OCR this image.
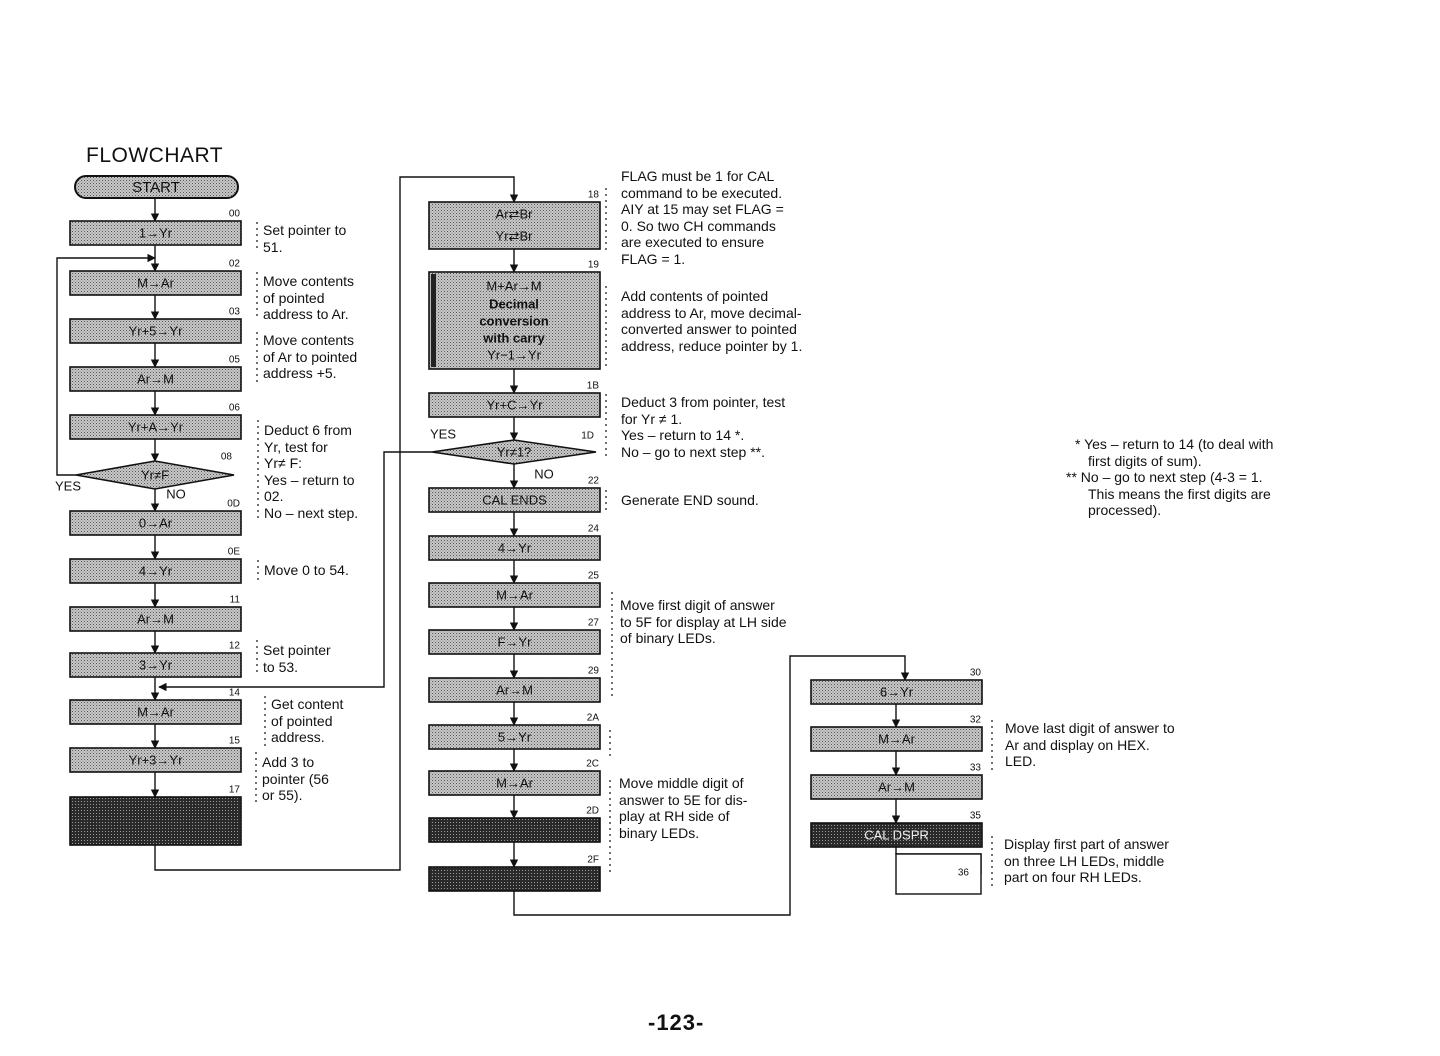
FLOWCHART
START
1→Yr
00
M→Ar
02
Yr+5→Yr
03
Ar→M
05
Yr+A→Yr
06
Yr≠F
08
0→Ar
0D
4→Yr
0E
Ar→M
11
3→Yr
12
M→Ar
14
Yr+3→Yr
15
17
YES
NO
18
Ar⇄Br
Yr⇄Br
19
M+Ar→M
Decimal
conversion
with carry
Yr−1→Yr
Yr+C→Yr
1B
Yr≠1?
1D
NO
YES
CAL ENDS
22
4→Yr
24
M→Ar
25
F→Yr
27
Ar→M
29
5→Yr
2A
M→Ar
2C
2D
2F
6→Yr
30
M→Ar
32
Ar→M
33
CAL DSPR
35
36
Set pointer to
51.
Move contents
of pointed
address to Ar.
Move contents
of Ar to pointed
address +5.
Deduct 6 from
Yr, test for
Yr≠ F:
Yes – return to
02.
No – next step.
Move 0 to 54.
Set pointer
to 53.
Get content
of pointed
address.
Add 3 to
pointer (56
or 55).
FLAG must be 1 for CAL
command to be executed.
AIY at 15 may set FLAG =
0. So two CH commands
are executed to ensure
FLAG = 1.
Add contents of pointed
address to Ar, move decimal-
converted answer to pointed
address, reduce pointer by 1.
Deduct 3 from pointer, test
for Yr ≠ 1.
Yes – return to 14 *.
No – go to next step **.
Generate END sound.
Move first digit of answer
to 5F for display at LH side
of binary LEDs.
Move middle digit of
answer to 5E for dis-
play at RH side of
binary LEDs.
Move last digit of answer to
Ar and display on HEX.
LED.
Display first part of answer
on three LH LEDs, middle
part on four RH LEDs.
* Yes – return to 14 (to deal with
first digits of sum).
** No – go to next step (4-3 = 1.
This means the first digits are
processed).
-123-
